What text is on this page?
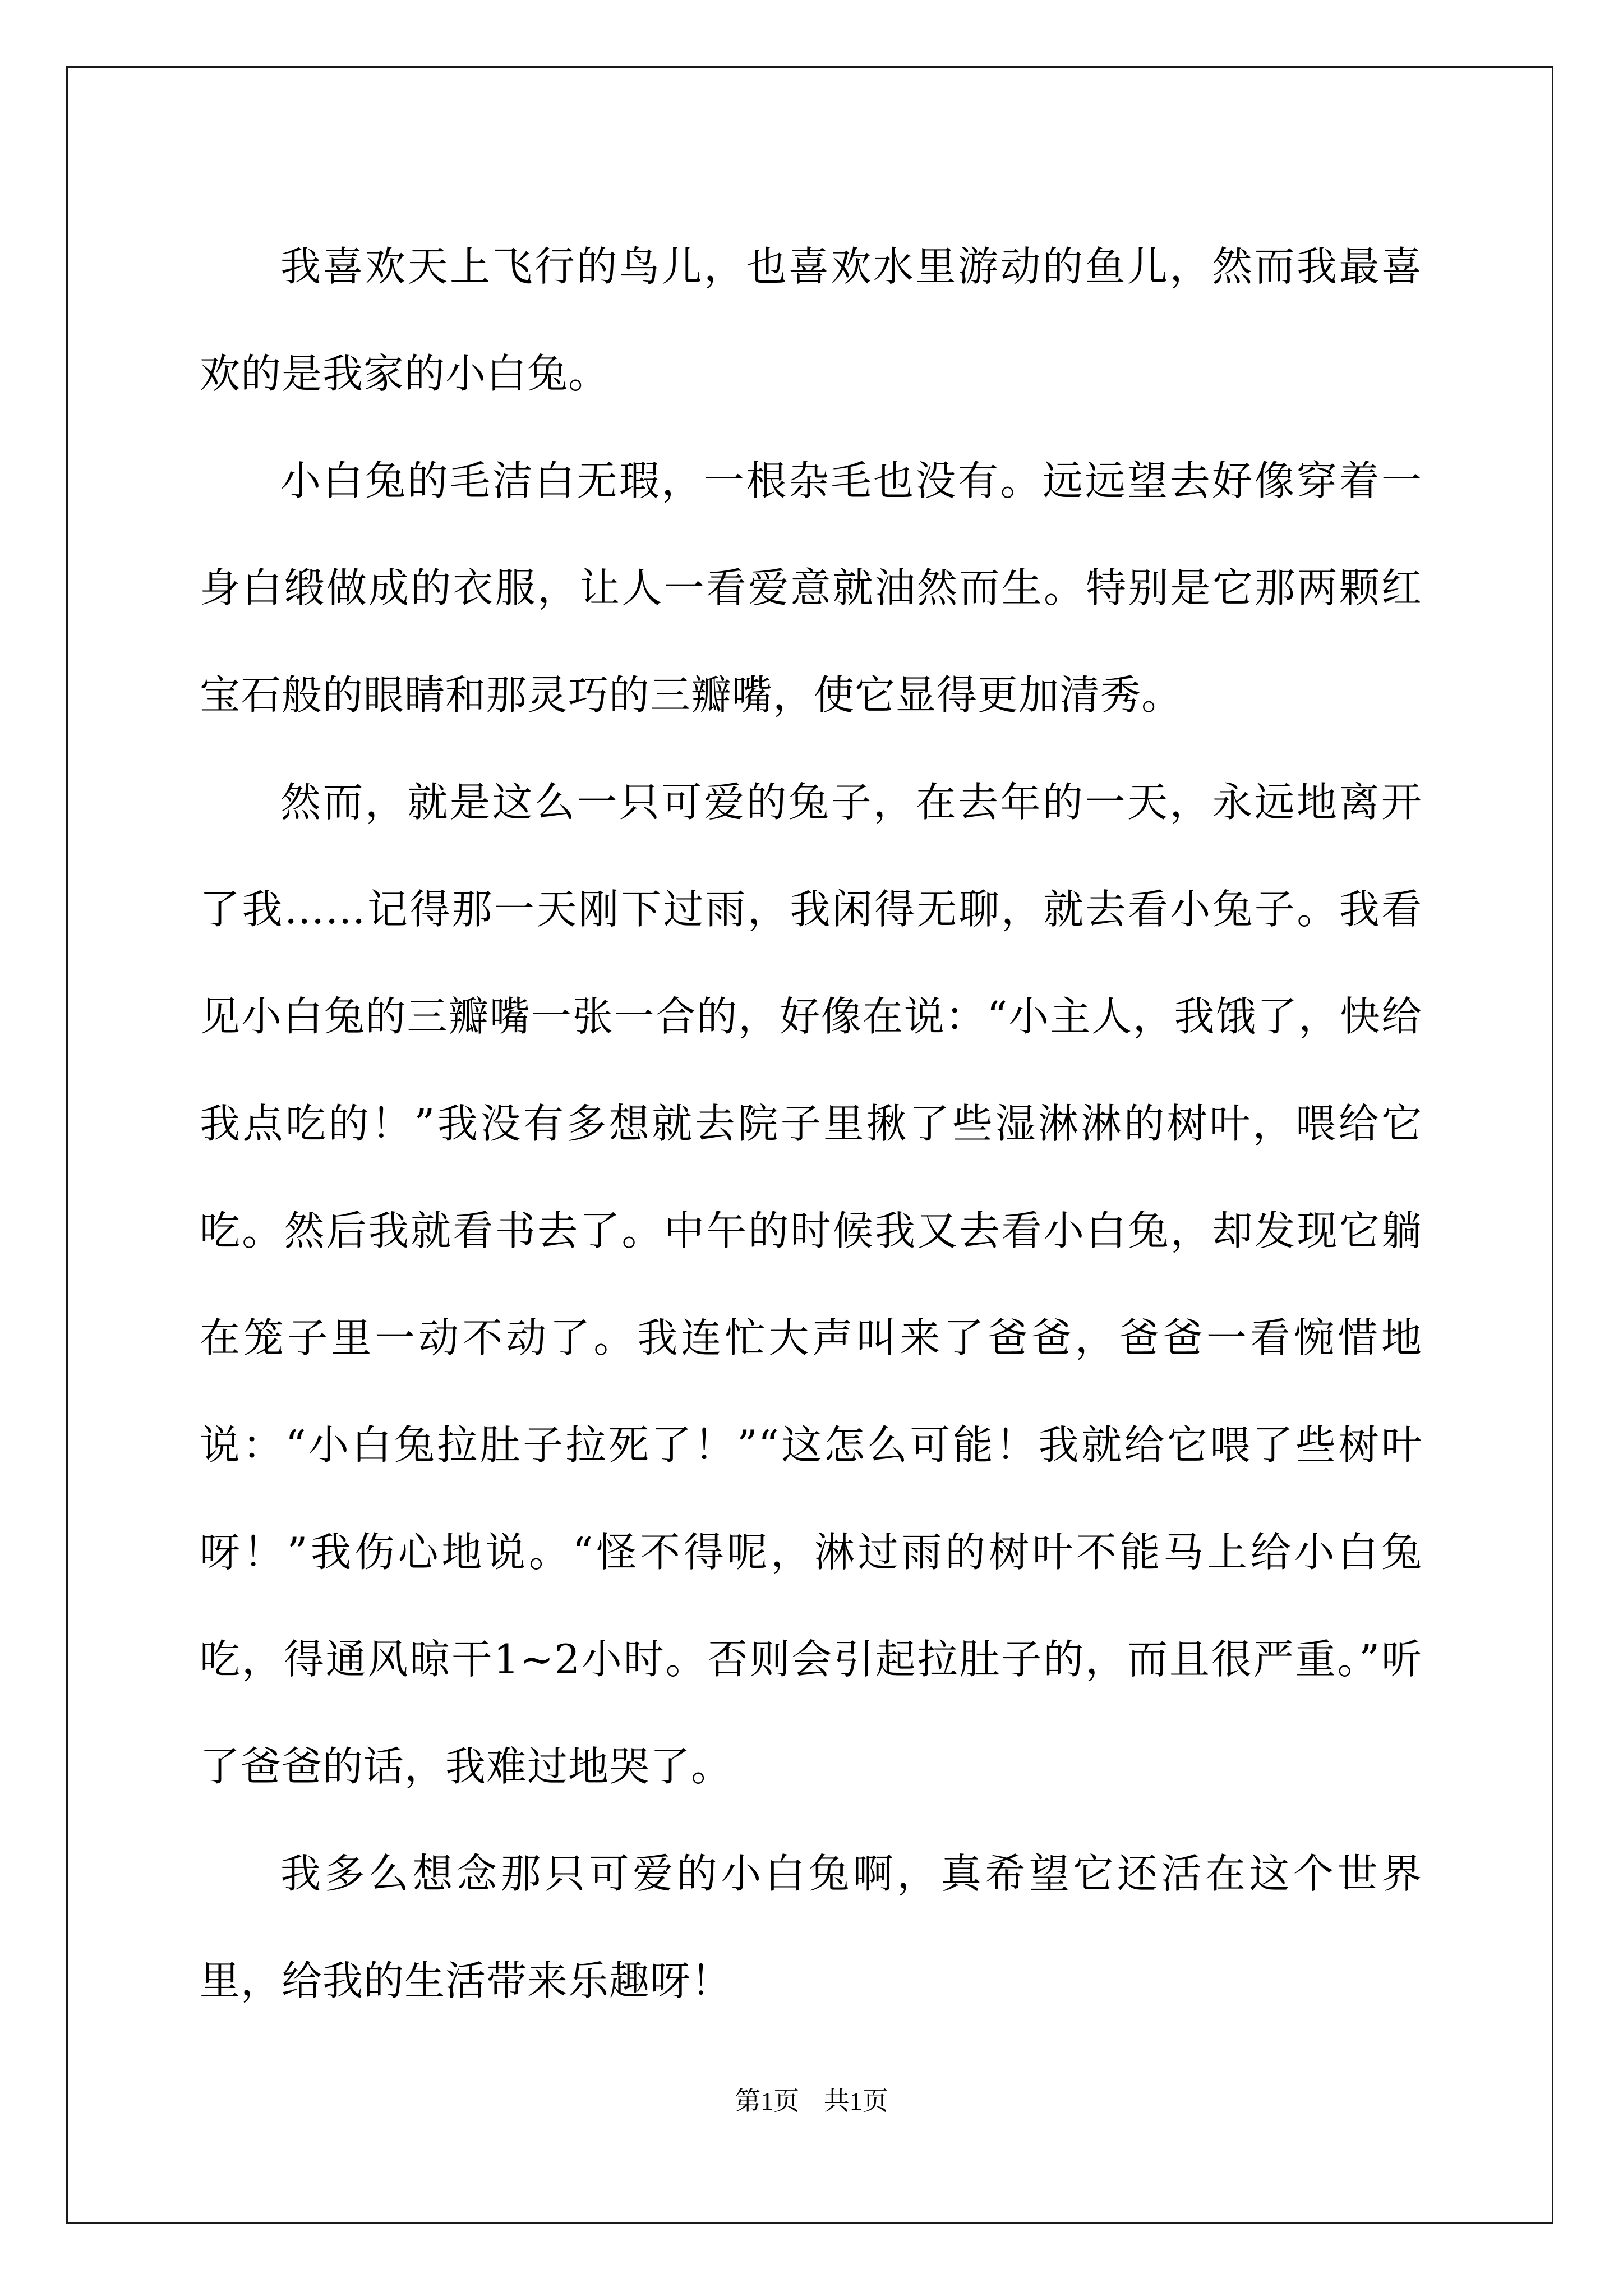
我喜欢天上飞行的鸟儿，也喜欢水里游动的鱼儿，然而我最喜欢的是我家的小白兔。

小白兔的毛洁白无瑕，一根杂毛也没有。远远望去好像穿着一身白缎做成的衣服，让人一看爱意就油然而生。特别是它那两颗红宝石般的眼睛和那灵巧的三瓣嘴，使它显得更加清秀。

然而，就是这么一只可爱的兔子，在去年的一天，永远地离开了我……记得那一天刚下过雨，我闲得无聊，就去看小兔子。我看见小白兔的三瓣嘴一张一合的，好像在说：“小主人，我饿了，快给我点吃的！”我没有多想就去院子里揪了些湿淋淋的树叶，喂给它吃。然后我就看书去了。中午的时候我又去看小白兔，却发现它躺在笼子里一动不动了。我连忙大声叫来了爸爸，爸爸一看惋惜地说：“小白兔拉肚子拉死了！”“这怎么可能！我就给它喂了些树叶呀！”我伤心地说。“怪不得呢，淋过雨的树叶不能马上给小白兔吃，得通风晾干1~2小时。否则会引起拉肚子的，而且很严重。”听了爸爸的话，我难过地哭了。

我多么想念那只可爱的小白兔啊，真希望它还活在这个世界里，给我的生活带来乐趣呀！

第1页 共1页
